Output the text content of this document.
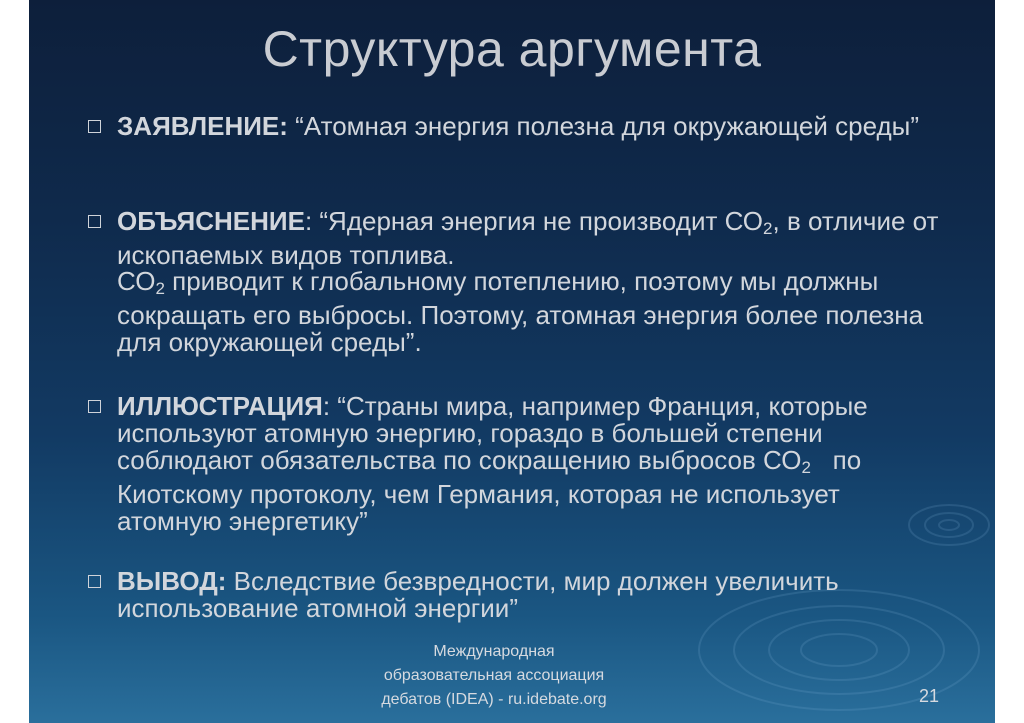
Структура аргумента
ЗАЯВЛЕНИЕ: “Атомная энергия полезна для окружающей среды”
ОБЪЯСНЕНИЕ: “Ядерная энергия не производит $СО_2$, в отличие от ископаемых видов топлива.
$СО_2$ приводит к глобальному потеплению, поэтому мы должны сокращать его выбросы. Поэтому, атомная энергия более полезна для окружающей среды”.
ИЛЛЮСТРАЦИЯ: “Страны мира, например Франция, которые используют атомную энергию, гораздо в большей степени соблюдают обязательства по сокращению выбросов $СО_2$   по Киотскому протоколу, чем Германия, которая не использует атомную энергетику”
ВЫВОД: Вследствие безвредности, мир должен увеличить использование атомной энергии”
Международная
образовательная ассоциация
дебатов (IDEA) - ru.idebate.org	21
